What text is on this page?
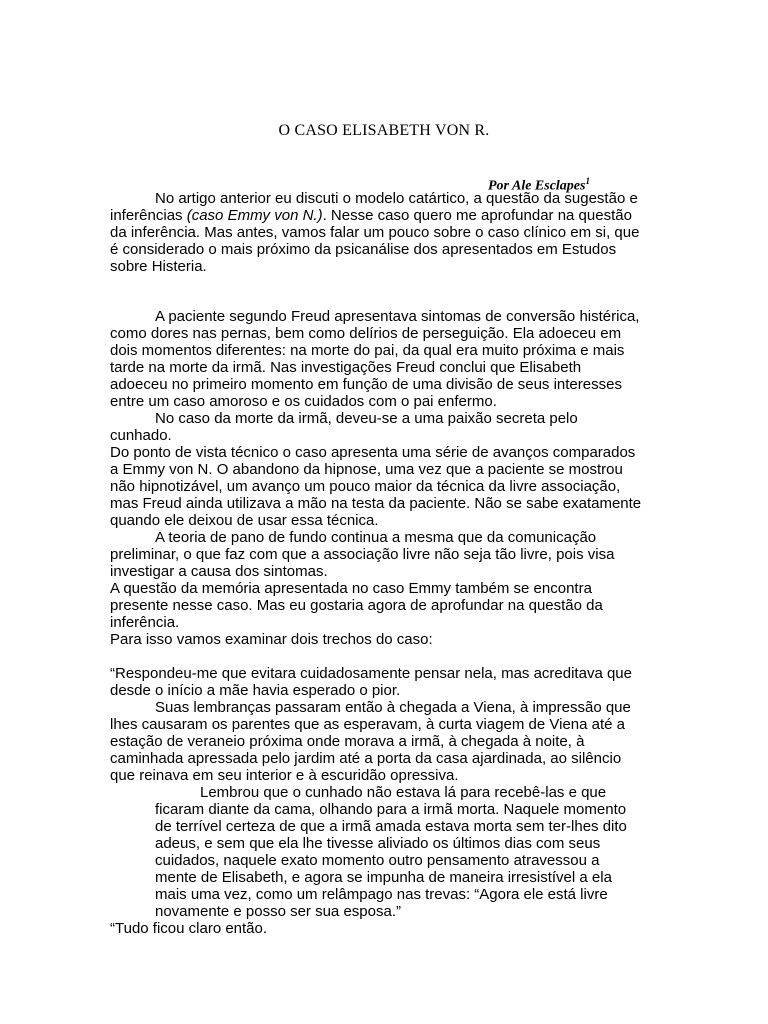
O CASO ELISABETH VON R.
Por Ale Esclapes$^1$
No artigo anterior eu discuti o modelo catártico, a questão da sugestão e
inferências (caso Emmy von N.). Nesse caso quero me aprofundar na questão
da inferência. Mas antes, vamos falar um pouco sobre o caso clínico em si, que
é considerado o mais próximo da psicanálise dos apresentados em Estudos
sobre Histeria.
A paciente segundo Freud apresentava sintomas de conversão histérica,
como dores nas pernas, bem como delírios de perseguição. Ela adoeceu em
dois momentos diferentes: na morte do pai, da qual era muito próxima e mais
tarde na morte da irmã. Nas investigações Freud conclui que Elisabeth
adoeceu no primeiro momento em função de uma divisão de seus interesses
entre um caso amoroso e os cuidados com o pai enfermo.
No caso da morte da irmã, deveu-se a uma paixão secreta pelo
cunhado.
Do ponto de vista técnico o caso apresenta uma série de avanços comparados
a Emmy von N. O abandono da hipnose, uma vez que a paciente se mostrou
não hipnotizável, um avanço um pouco maior da técnica da livre associação,
mas Freud ainda utilizava a mão na testa da paciente. Não se sabe exatamente
quando ele deixou de usar essa técnica.
A teoria de pano de fundo continua a mesma que da comunicação
preliminar, o que faz com que a associação livre não seja tão livre, pois visa
investigar a causa dos sintomas.
A questão da memória apresentada no caso Emmy também se encontra
presente nesse caso. Mas eu gostaria agora de aprofundar na questão da
inferência.
Para isso vamos examinar dois trechos do caso:
“Respondeu-me que evitara cuidadosamente pensar nela, mas acreditava que
desde o início a mãe havia esperado o pior.
Suas lembranças passaram então à chegada a Viena, à impressão que
lhes causaram os parentes que as esperavam, à curta viagem de Viena até a
estação de veraneio próxima onde morava a irmã, à chegada à noite, à
caminhada apressada pelo jardim até a porta da casa ajardinada, ao silêncio
que reinava em seu interior e à escuridão opressiva.
Lembrou que o cunhado não estava lá para recebê-las e que
ficaram diante da cama, olhando para a irmã morta. Naquele momento
de terrível certeza de que a irmã amada estava morta sem ter-lhes dito
adeus, e sem que ela lhe tivesse aliviado os últimos dias com seus
cuidados, naquele exato momento outro pensamento atravessou a
mente de Elisabeth, e agora se impunha de maneira irresistível a ela
mais uma vez, como um relâmpago nas trevas: “Agora ele está livre
novamente e posso ser sua esposa.”
“Tudo ficou claro então.
